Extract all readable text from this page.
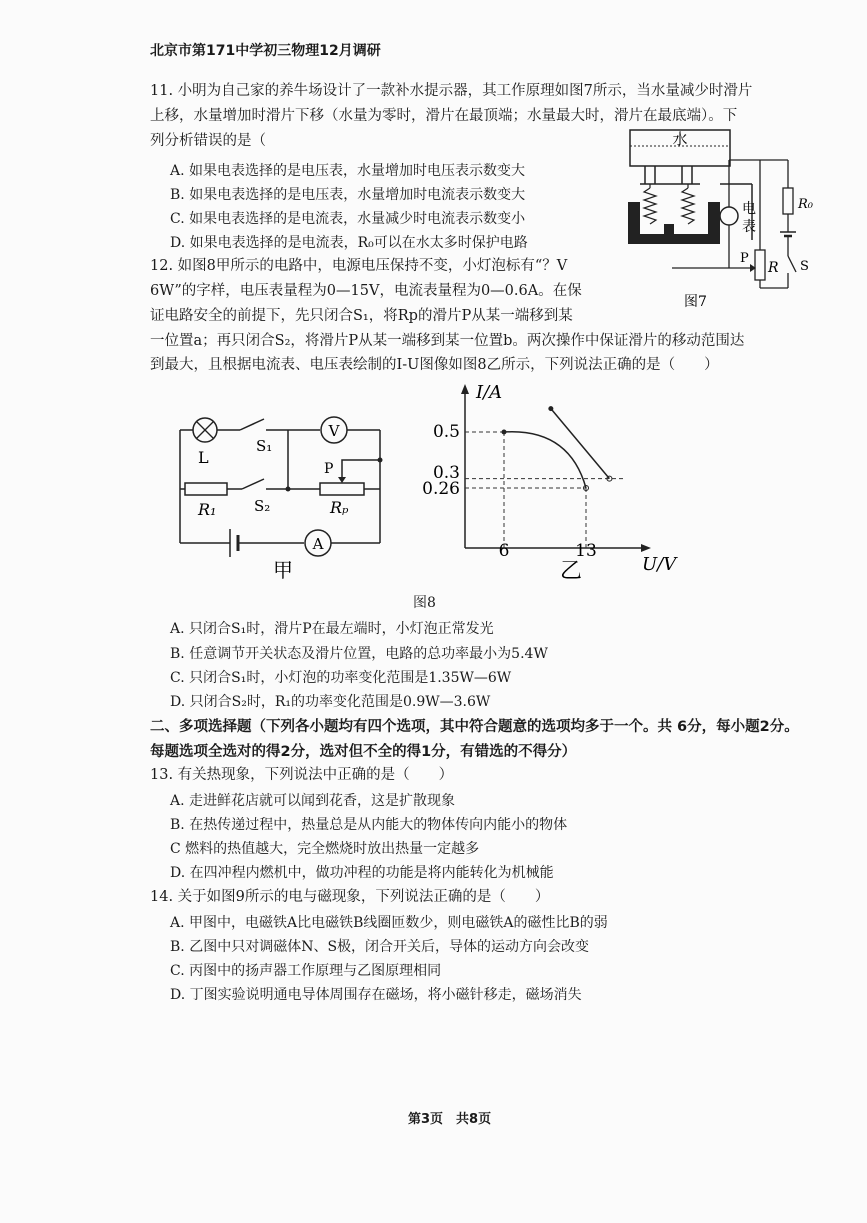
北京市第171中学初三物理12月调研
11. 小明为自己家的养牛场设计了一款补水提示器，其工作原理如图7所示，当水量减少时滑片
上移，水量增加时滑片下移（水量为零时，滑片在最顶端；水量最大时，滑片在最底端）。下
列分析错误的是（
A. 如果电表选择的是电压表，水量增加时电压表示数变大
B. 如果电表选择的是电压表，水量增加时电流表示数变大
C. 如果电表选择的是电流表，水量减少时电流表示数变小
D. 如果电表选择的是电流表，R₀可以在水太多时保护电路
水
电
表
R₀
S
R
P
图7
12. 如图8甲所示的电路中，电源电压保持不变，小灯泡标有“？V
6W”的字样，电压表量程为0—15V，电流表量程为0—0.6A。在保
证电路安全的前提下，先只闭合S₁，将Rp的滑片P从某一端移到某
一位置a；再只闭合S₂，将滑片P从某一端移到某一位置b。两次操作中保证滑片的移动范围达
到最大，且根据电流表、电压表绘制的I-U图像如图8乙所示，下列说法正确的是（　　）
V
L
S₁
R₁	S₂
P
Rₚ
A
甲
I/A
U/V
0.5
0.3
0.26
6	13
乙
图8
A. 只闭合S₁时，滑片P在最左端时，小灯泡正常发光
B. 任意调节开关状态及滑片位置，电路的总功率最小为5.4W
C. 只闭合S₁时，小灯泡的功率变化范围是1.35W—6W
D. 只闭合S₂时，R₁的功率变化范围是0.9W—3.6W
二、多项选择题（下列各小题均有四个选项，其中符合题意的选项均多于一个。共 6分，每小题2分。
每题选项全选对的得2分，选对但不全的得1分，有错选的不得分）
13. 有关热现象，下列说法中正确的是（　　）
A. 走进鲜花店就可以闻到花香，这是扩散现象
B. 在热传递过程中，热量总是从内能大的物体传向内能小的物体
C 燃料的热值越大，完全燃烧时放出热量一定越多
D. 在四冲程内燃机中，做功冲程的功能是将内能转化为机械能
14. 关于如图9所示的电与磁现象，下列说法正确的是（　　）
A. 甲图中，电磁铁A比电磁铁B线圈匝数少，则电磁铁A的磁性比B的弱
B. 乙图中只对调磁体N、S极，闭合开关后，导体的运动方向会改变
C. 丙图中的扬声器工作原理与乙图原理相同
D. 丁图实验说明通电导体周围存在磁场，将小磁针移走，磁场消失
第3页　共8页
